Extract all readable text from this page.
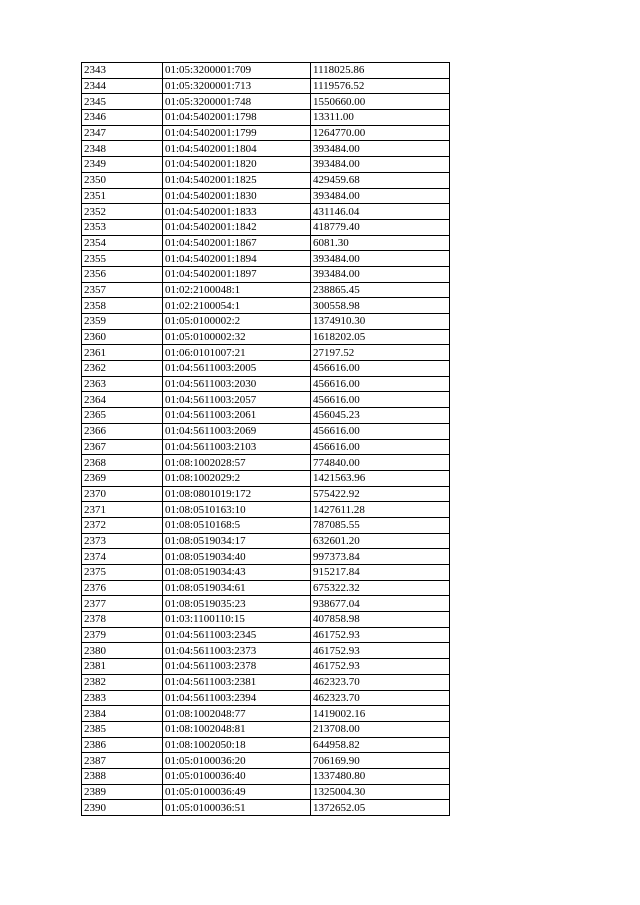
2343	01:05:3200001:709	1118025.86
2344	01:05:3200001:713	1119576.52
2345	01:05:3200001:748	1550660.00
2346	01:04:5402001:1798	13311.00
2347	01:04:5402001:1799	1264770.00
2348	01:04:5402001:1804	393484.00
2349	01:04:5402001:1820	393484.00
2350	01:04:5402001:1825	429459.68
2351	01:04:5402001:1830	393484.00
2352	01:04:5402001:1833	431146.04
2353	01:04:5402001:1842	418779.40
2354	01:04:5402001:1867	6081.30
2355	01:04:5402001:1894	393484.00
2356	01:04:5402001:1897	393484.00
2357	01:02:2100048:1	238865.45
2358	01:02:2100054:1	300558.98
2359	01:05:0100002:2	1374910.30
2360	01:05:0100002:32	1618202.05
2361	01:06:0101007:21	27197.52
2362	01:04:5611003:2005	456616.00
2363	01:04:5611003:2030	456616.00
2364	01:04:5611003:2057	456616.00
2365	01:04:5611003:2061	456045.23
2366	01:04:5611003:2069	456616.00
2367	01:04:5611003:2103	456616.00
2368	01:08:1002028:57	774840.00
2369	01:08:1002029:2	1421563.96
2370	01:08:0801019:172	575422.92
2371	01:08:0510163:10	1427611.28
2372	01:08:0510168:5	787085.55
2373	01:08:0519034:17	632601.20
2374	01:08:0519034:40	997373.84
2375	01:08:0519034:43	915217.84
2376	01:08:0519034:61	675322.32
2377	01:08:0519035:23	938677.04
2378	01:03:1100110:15	407858.98
2379	01:04:5611003:2345	461752.93
2380	01:04:5611003:2373	461752.93
2381	01:04:5611003:2378	461752.93
2382	01:04:5611003:2381	462323.70
2383	01:04:5611003:2394	462323.70
2384	01:08:1002048:77	1419002.16
2385	01:08:1002048:81	213708.00
2386	01:08:1002050:18	644958.82
2387	01:05:0100036:20	706169.90
2388	01:05:0100036:40	1337480.80
2389	01:05:0100036:49	1325004.30
2390	01:05:0100036:51	1372652.05
